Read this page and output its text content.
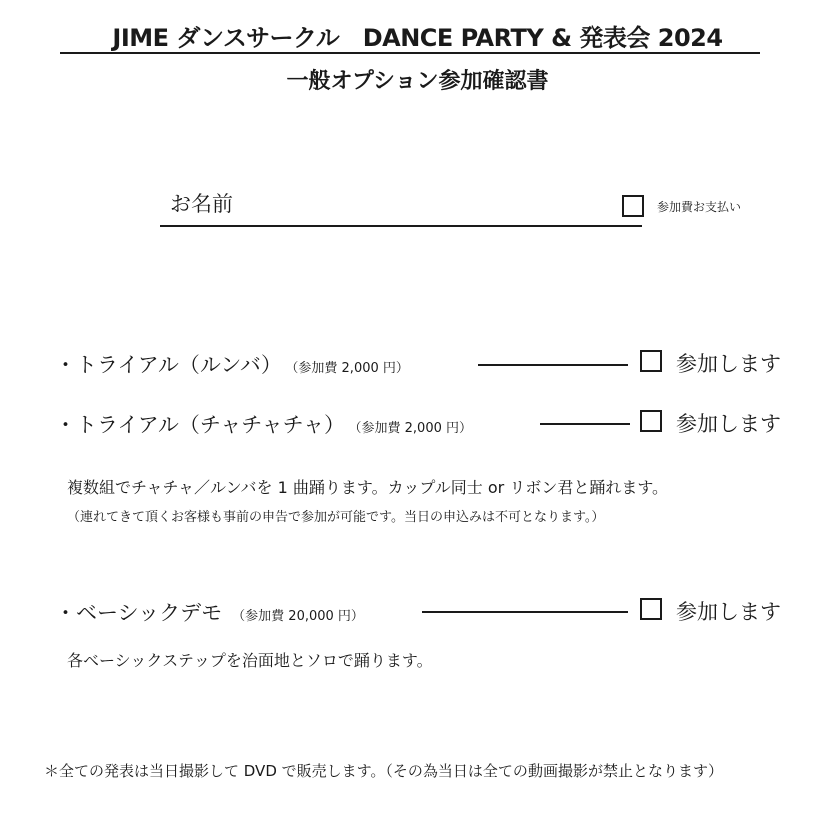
JIME ダンスサークル　DANCE PARTY & 発表会 2024
一般オプション参加確認書
お名前	参加費お支払い
・トライアル（ルンバ） （参加費 2,000 円）	参加します
・トライアル（チャチャチャ） （参加費 2,000 円）	参加します
複数組でチャチャ／ルンバを 1 曲踊ります。カップル同士 or リボン君と踊れます。
（連れてきて頂くお客様も事前の申告で参加が可能です。当日の申込みは不可となります。）
・ベーシックデモ （参加費 20,000 円）	参加します
各ベーシックステップを治面地とソロで踊ります。
＊全ての発表は当日撮影して DVD で販売します。（その為当日は全ての動画撮影が禁止となります）
